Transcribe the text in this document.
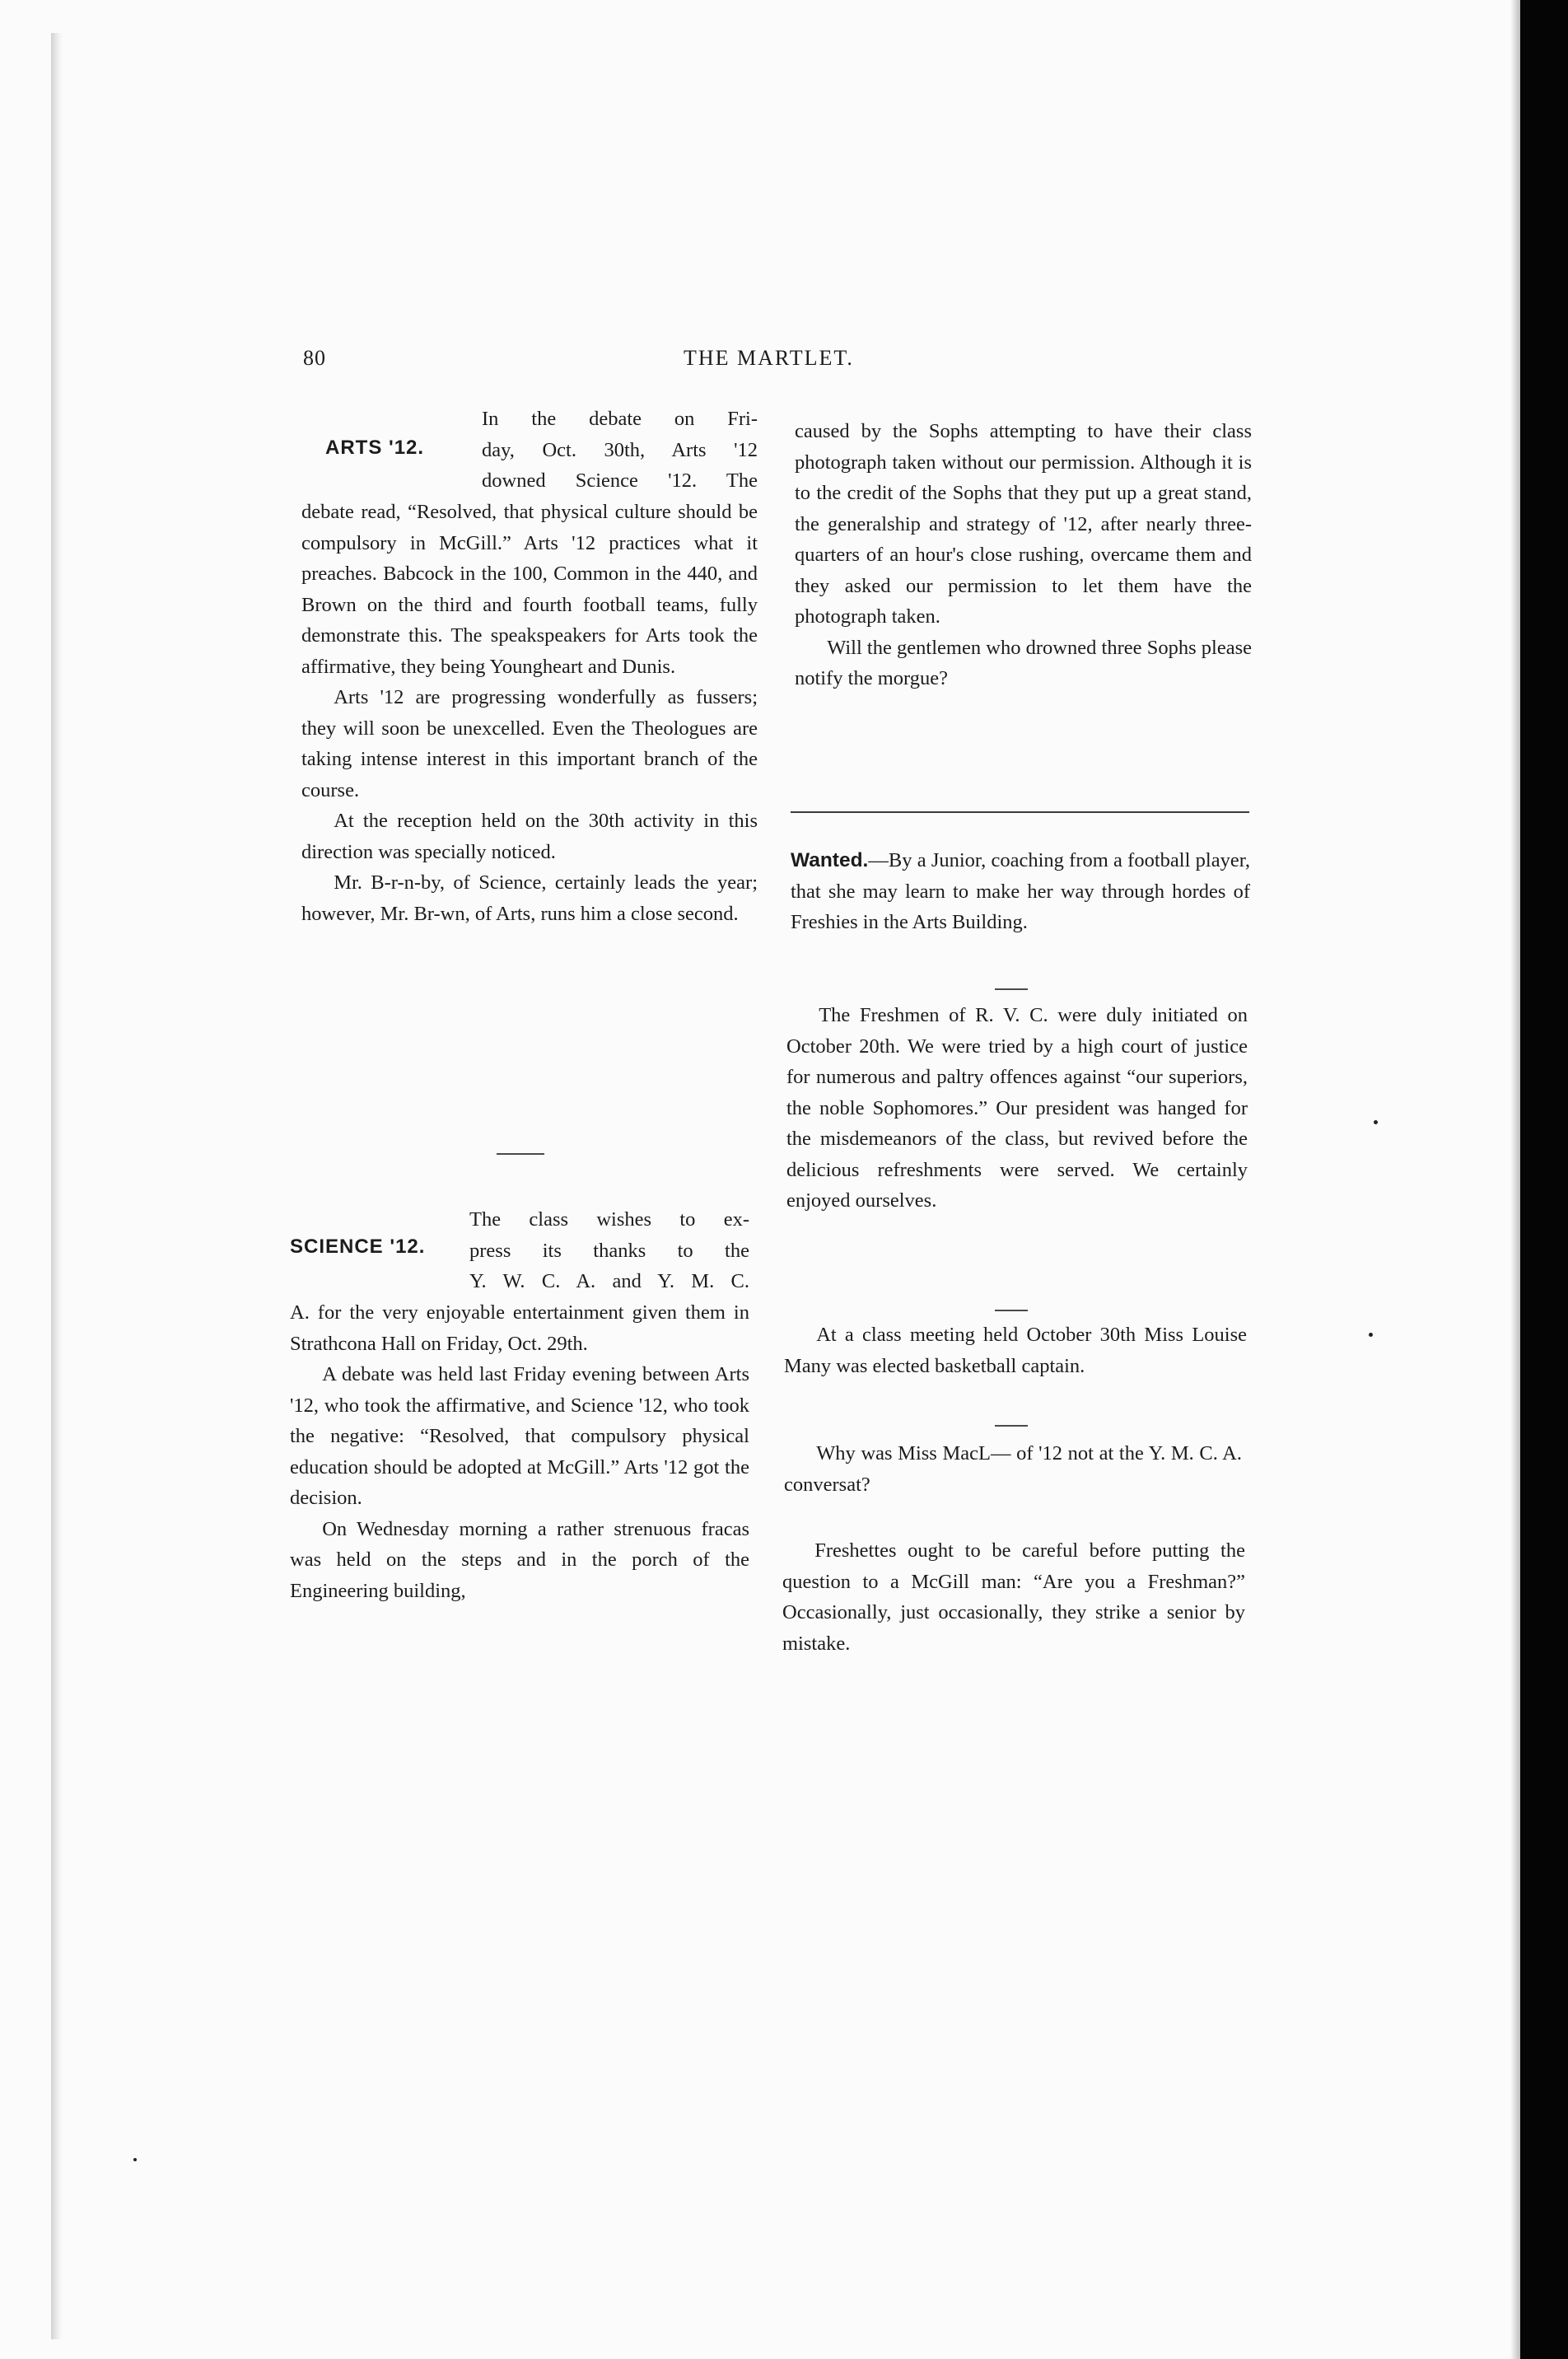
80	THE MARTLET.
ARTS '12.
In the debate on Fri-
day, Oct. 30th, Arts '12
downed Science '12. The

debate read, “Resolved, that physical culture should be compulsory in McGill.” Arts '12 practices what it preaches. Babcock in the 100, Common in the 440, and Brown on the third and fourth football teams, fully demonstrate this. The speakspeakers for Arts took the affirmative, they being Youngheart and Dunis.

Arts '12 are progressing wonderfully as fussers; they will soon be unexcelled. Even the Theologues are taking intense interest in this important branch of the course.

At the reception held on the 30th activity in this direction was specially noticed.

Mr. B-r-n-by, of Science, certainly leads the year; however, Mr. Br-wn, of Arts, runs him a close second.

SCIENCE '12.
The class wishes to ex-
press its thanks to the
Y. W. C. A. and Y. M. C.

A. for the very enjoyable entertainment given them in Strathcona Hall on Friday, Oct. 29th.

A debate was held last Friday evening between Arts '12, who took the affirmative, and Science '12, who took the negative: “Resolved, that compulsory physical education should be adopted at McGill.” Arts '12 got the decision.

On Wednesday morning a rather strenuous fracas was held on the steps and in the porch of the Engineering building,

caused by the Sophs attempting to have their class photograph taken without our permission. Although it is to the credit of the Sophs that they put up a great stand, the generalship and strategy of '12, after nearly three-quarters of an hour's close rushing, overcame them and they asked our permission to let them have the photograph taken.

Will the gentlemen who drowned three Sophs please notify the morgue?

Wanted.—By a Junior, coaching from a football player, that she may learn to make her way through hordes of Freshies in the Arts Building.

The Freshmen of R. V. C. were duly initiated on October 20th. We were tried by a high court of justice for numerous and paltry offences against “our superiors, the noble Sophomores.” Our president was hanged for the misdemeanors of the class, but revived before the delicious refreshments were served. We certainly enjoyed ourselves.

At a class meeting held October 30th Miss Louise Many was elected basketball captain.

Why was Miss MacL— of '12 not at the Y. M. C. A. conversat?

Freshettes ought to be careful before putting the question to a McGill man: “Are you a Freshman?” Occasionally, just occasionally, they strike a senior by mistake.
